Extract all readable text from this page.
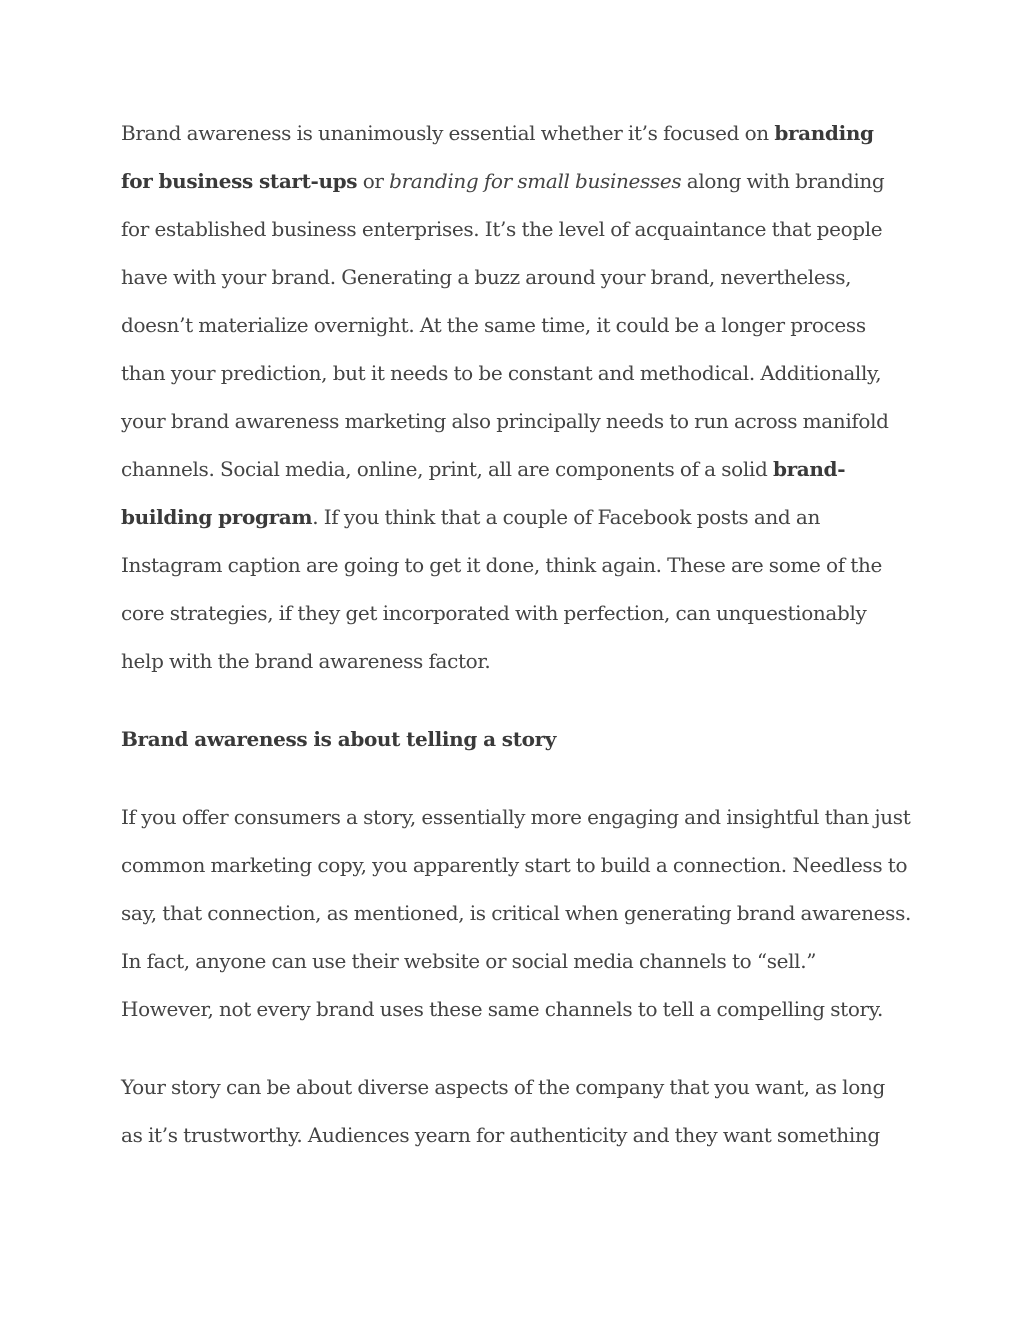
Brand awareness is unanimously essential whether it’s focused on branding for business start-ups or branding for small businesses along with branding for established business enterprises. It’s the level of acquaintance that people have with your brand. Generating a buzz around your brand, nevertheless, doesn’t materialize overnight. At the same time, it could be a longer process than your prediction, but it needs to be constant and methodical. Additionally, your brand awareness marketing also principally needs to run across manifold channels. Social media, online, print, all are components of a solid brand-building program. If you think that a couple of Facebook posts and an Instagram caption are going to get it done, think again. These are some of the core strategies, if they get incorporated with perfection, can unquestionably help with the brand awareness factor.

Brand awareness is about telling a story

If you offer consumers a story, essentially more engaging and insightful than just common marketing copy, you apparently start to build a connection. Needless to say, that connection, as mentioned, is critical when generating brand awareness. In fact, anyone can use their website or social media channels to “sell.” However, not every brand uses these same channels to tell a compelling story.

Your story can be about diverse aspects of the company that you want, as long as it’s trustworthy. Audiences yearn for authenticity and they want something
